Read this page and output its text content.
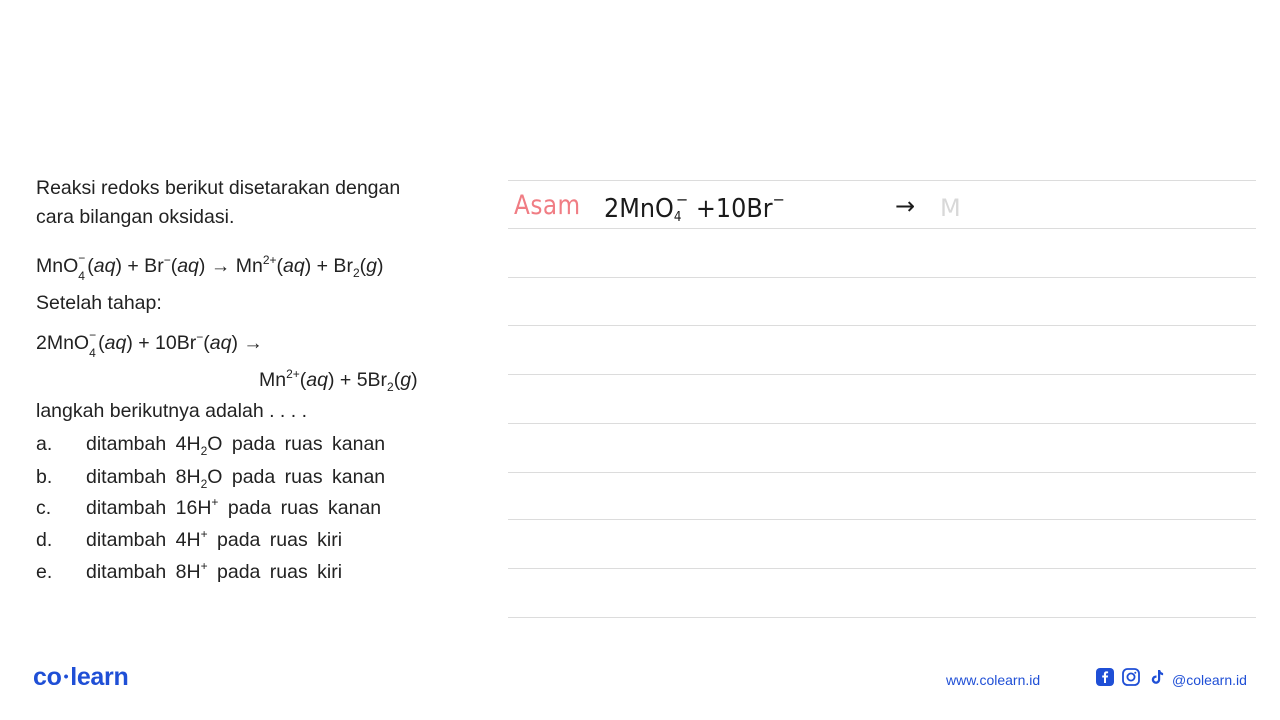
Reaksi redoks berikut disetarakan dengan
cara bilangan oksidasi.
MnO −
4 $(aq) + Br^-(aq) \to Mn^{2+}(aq) + Br_2(g)$
Setelah tahap:
2MnO −
4 (aq) + 10Br−(aq) →
$Mn^{2+}(aq) + 5Br_2(g)$
langkah berikutnya adalah . . . .
a. ditambah $4H_2O$ pada ruas kanan
b. ditambah $8H_2O$ pada ruas kanan
c. ditambah 16H+ pada ruas kanan
d. ditambah 4H+ pada ruas kiri
e. ditambah 8H+ pada ruas kiri
Asam 2MnO$_4$− +10Br−	→ M
co •learn	www.colearn.id	@colearn.id
